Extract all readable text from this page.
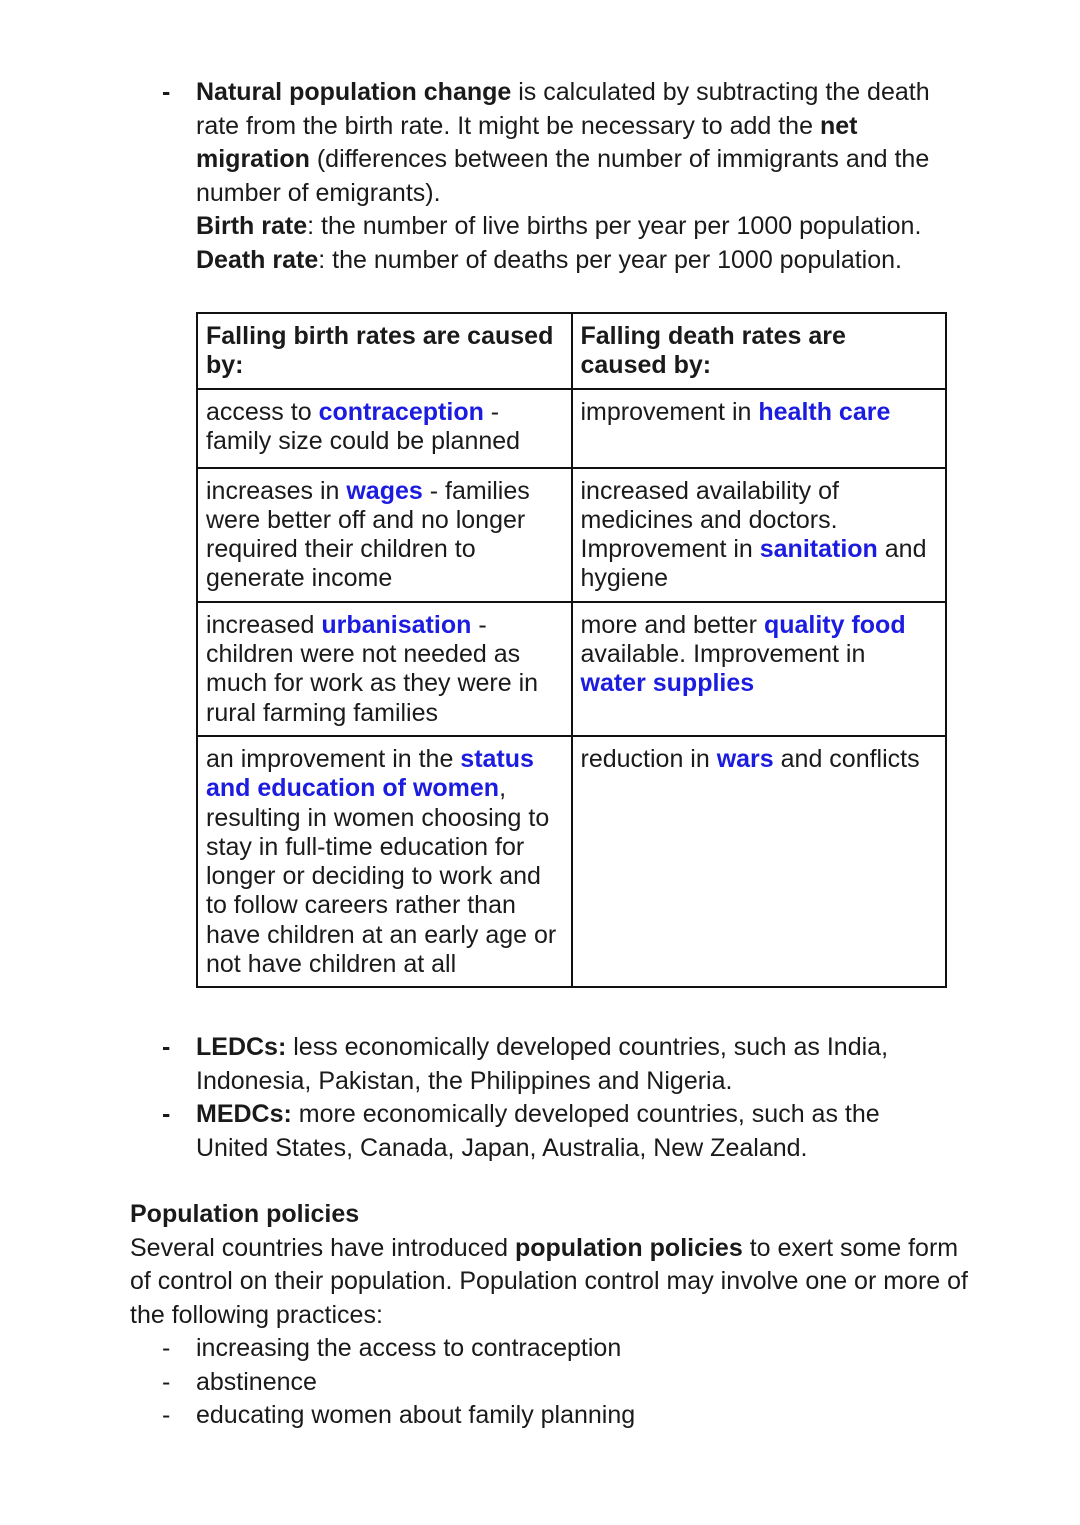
- Natural population change is calculated by subtracting the death rate from the birth rate. It might be necessary to add the net migration (differences between the number of immigrants and the number of emigrants).
Birth rate: the number of live births per year per 1000 population.
Death rate: the number of deaths per year per 1000 population.
Falling birth rates are caused by:	Falling death rates are caused by:
access to contraception - family size could be planned	improvement in health care
increases in wages - families were better off and no longer required their children to generate income	increased availability of medicines and doctors. Improvement in sanitation and hygiene
increased urbanisation - children were not needed as much for work as they were in rural farming families	more and better quality food available. Improvement in water supplies
an improvement in the status and education of women, resulting in women choosing to stay in full-time education for longer or deciding to work and to follow careers rather than have children at an early age or not have children at all	reduction in wars and conflicts
- LEDCs: less economically developed countries, such as India, Indonesia, Pakistan, the Philippines and Nigeria.
- MEDCs: more economically developed countries, such as the United States, Canada, Japan, Australia, New Zealand.
Population policies
Several countries have introduced population policies to exert some form of control on their population. Population control may involve one or more of the following practices:
- increasing the access to contraception
- abstinence
- educating women about family planning
